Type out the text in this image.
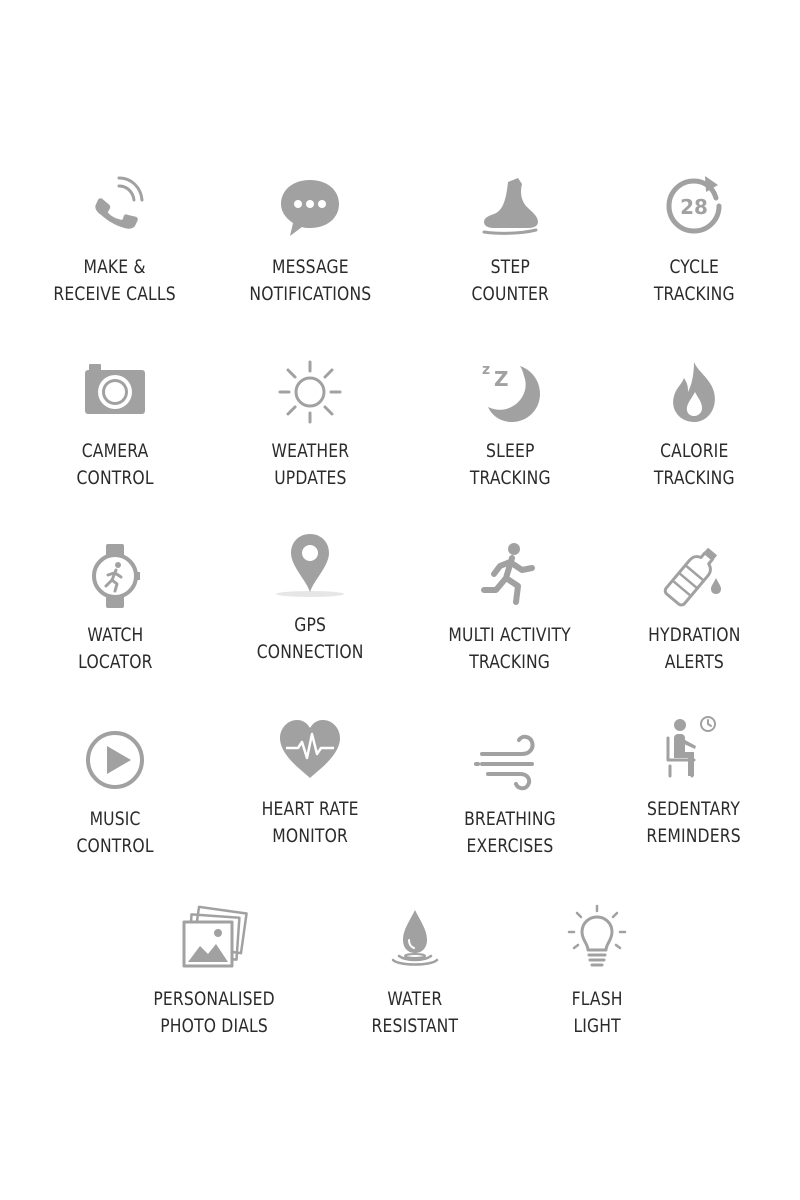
MAKE &
RECEIVE CALLS
MESSAGE
NOTIFICATIONS
STEP
COUNTER
28
CYCLE
TRACKING
CAMERA
CONTROL
WEATHER
UPDATES
z Z
SLEEP
TRACKING
CALORIE
TRACKING
WATCH
LOCATOR
GPS
CONNECTION
MULTI ACTIVITY
TRACKING
HYDRATION
ALERTS
MUSIC
CONTROL
HEART RATE
MONITOR
BREATHING
EXERCISES
SEDENTARY
REMINDERS
PERSONALISED
PHOTO DIALS
WATER
RESISTANT
FLASH
LIGHT
